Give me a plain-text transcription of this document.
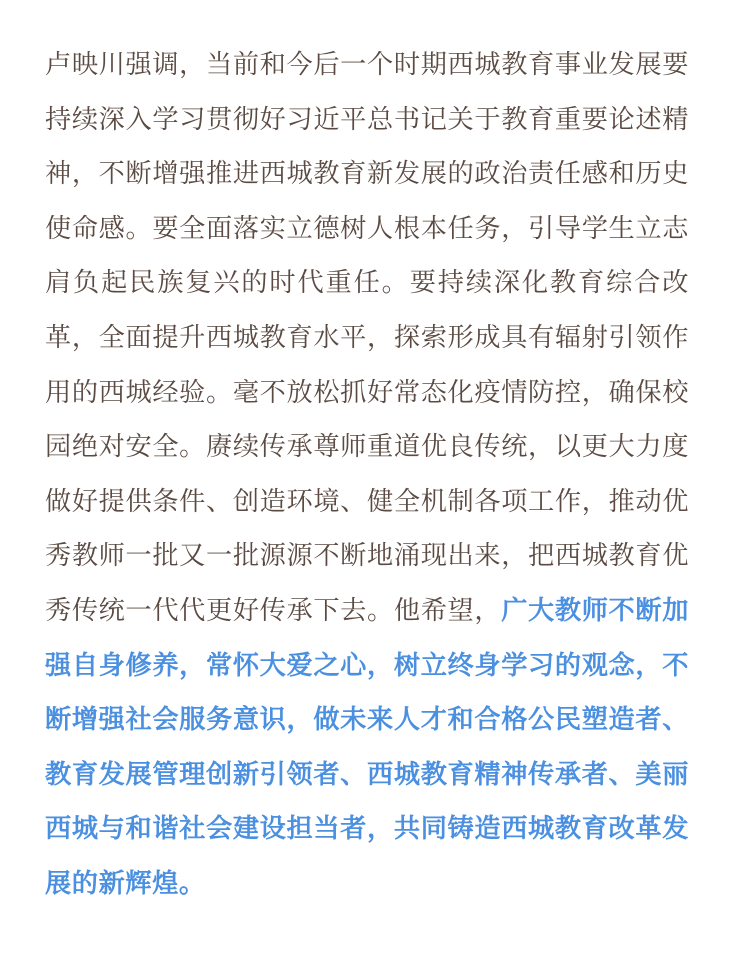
卢映川强调，当前和今后一个时期西城教育事业发展要持续深入学习贯彻好习近平总书记关于教育重要论述精神，不断增强推进西城教育新发展的政治责任感和历史使命感。要全面落实立德树人根本任务，引导学生立志肩负起民族复兴的时代重任。要持续深化教育综合改革，全面提升西城教育水平，探索形成具有辐射引领作用的西城经验。毫不放松抓好常态化疫情防控，确保校园绝对安全。赓续传承尊师重道优良传统，以更大力度做好提供条件、创造环境、健全机制各项工作，推动优秀教师一批又一批源源不断地涌现出来，把西城教育优秀传统一代代更好传承下去。他希望，广大教师不断加强自身修养，常怀大爱之心，树立终身学习的观念，不断增强社会服务意识，做未来人才和合格公民塑造者、教育发展管理创新引领者、西城教育精神传承者、美丽西城与和谐社会建设担当者，共同铸造西城教育改革发展的新辉煌。
